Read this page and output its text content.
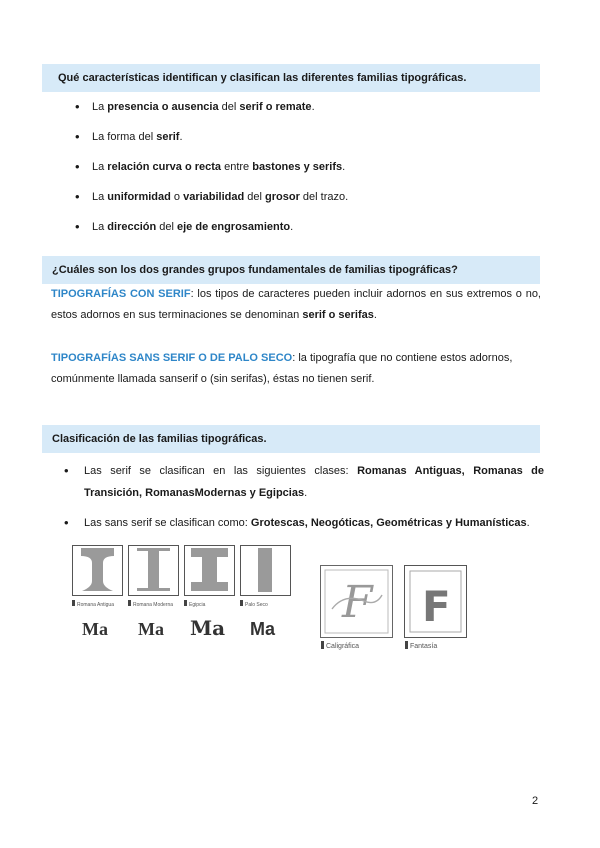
Qué características identifican y clasifican las diferentes familias tipográficas.
• La presencia o ausencia del serif o remate.
• La forma del serif.
• La relación curva o recta entre bastones y serifs.
• La uniformidad o variabilidad del grosor del trazo.
• La dirección del eje de engrosamiento.
¿Cuáles son los dos grandes grupos fundamentales de familias tipográficas?
TIPOGRAFÍAS CON SERIF: los tipos de caracteres pueden incluir adornos en sus extremos o no, estos adornos en sus terminaciones se denominan serif o serifas.
TIPOGRAFÍAS SANS SERIF O DE PALO SECO: la tipografía que no contiene estos adornos, comúnmente llamada sanserif o (sin serifas), éstas no tienen serif.
Clasificación de las familias tipográficas.
• Las serif se clasifican en las siguientes clases: Romanas Antiguas, Romanas de Transición, RomanasModernas y Egipcias.
• Las sans serif se clasifican como: Grotescas, Neogóticas, Geométricas y Humanísticas.
Romana Antigua
Ma
Romana Moderna
Ma
Egipcia
Ma
Palo Seco
Ma
F
Caligráfica
F
Fantasía
2
